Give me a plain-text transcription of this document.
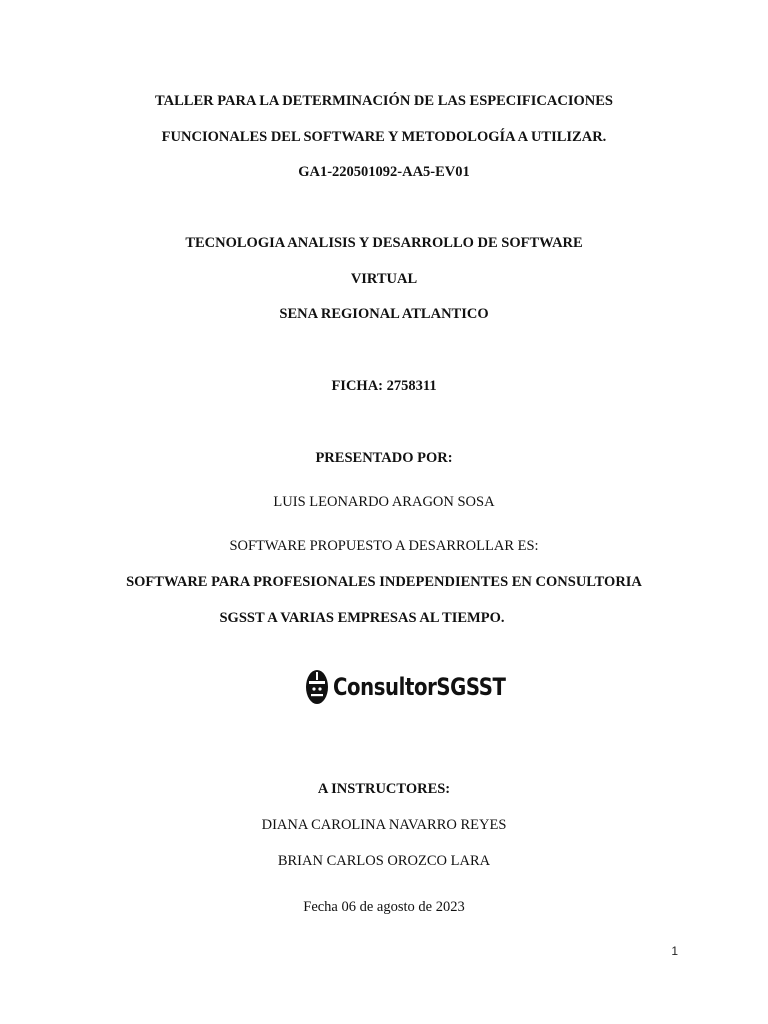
TALLER PARA LA DETERMINACIÓN DE LAS ESPECIFICACIONES
FUNCIONALES DEL SOFTWARE Y METODOLOGÍA A UTILIZAR.
GA1-220501092-AA5-EV01
TECNOLOGIA ANALISIS Y DESARROLLO DE SOFTWARE
VIRTUAL
SENA REGIONAL ATLANTICO
FICHA: 2758311
PRESENTADO POR:
LUIS LEONARDO ARAGON SOSA
SOFTWARE PROPUESTO A DESARROLLAR ES:
SOFTWARE PARA PROFESIONALES INDEPENDIENTES EN CONSULTORIA
SGSST A VARIAS EMPRESAS AL TIEMPO.
ConsultorSGSST
A INSTRUCTORES:
DIANA CAROLINA NAVARRO REYES
BRIAN CARLOS OROZCO LARA
Fecha 06 de agosto de 2023
1
